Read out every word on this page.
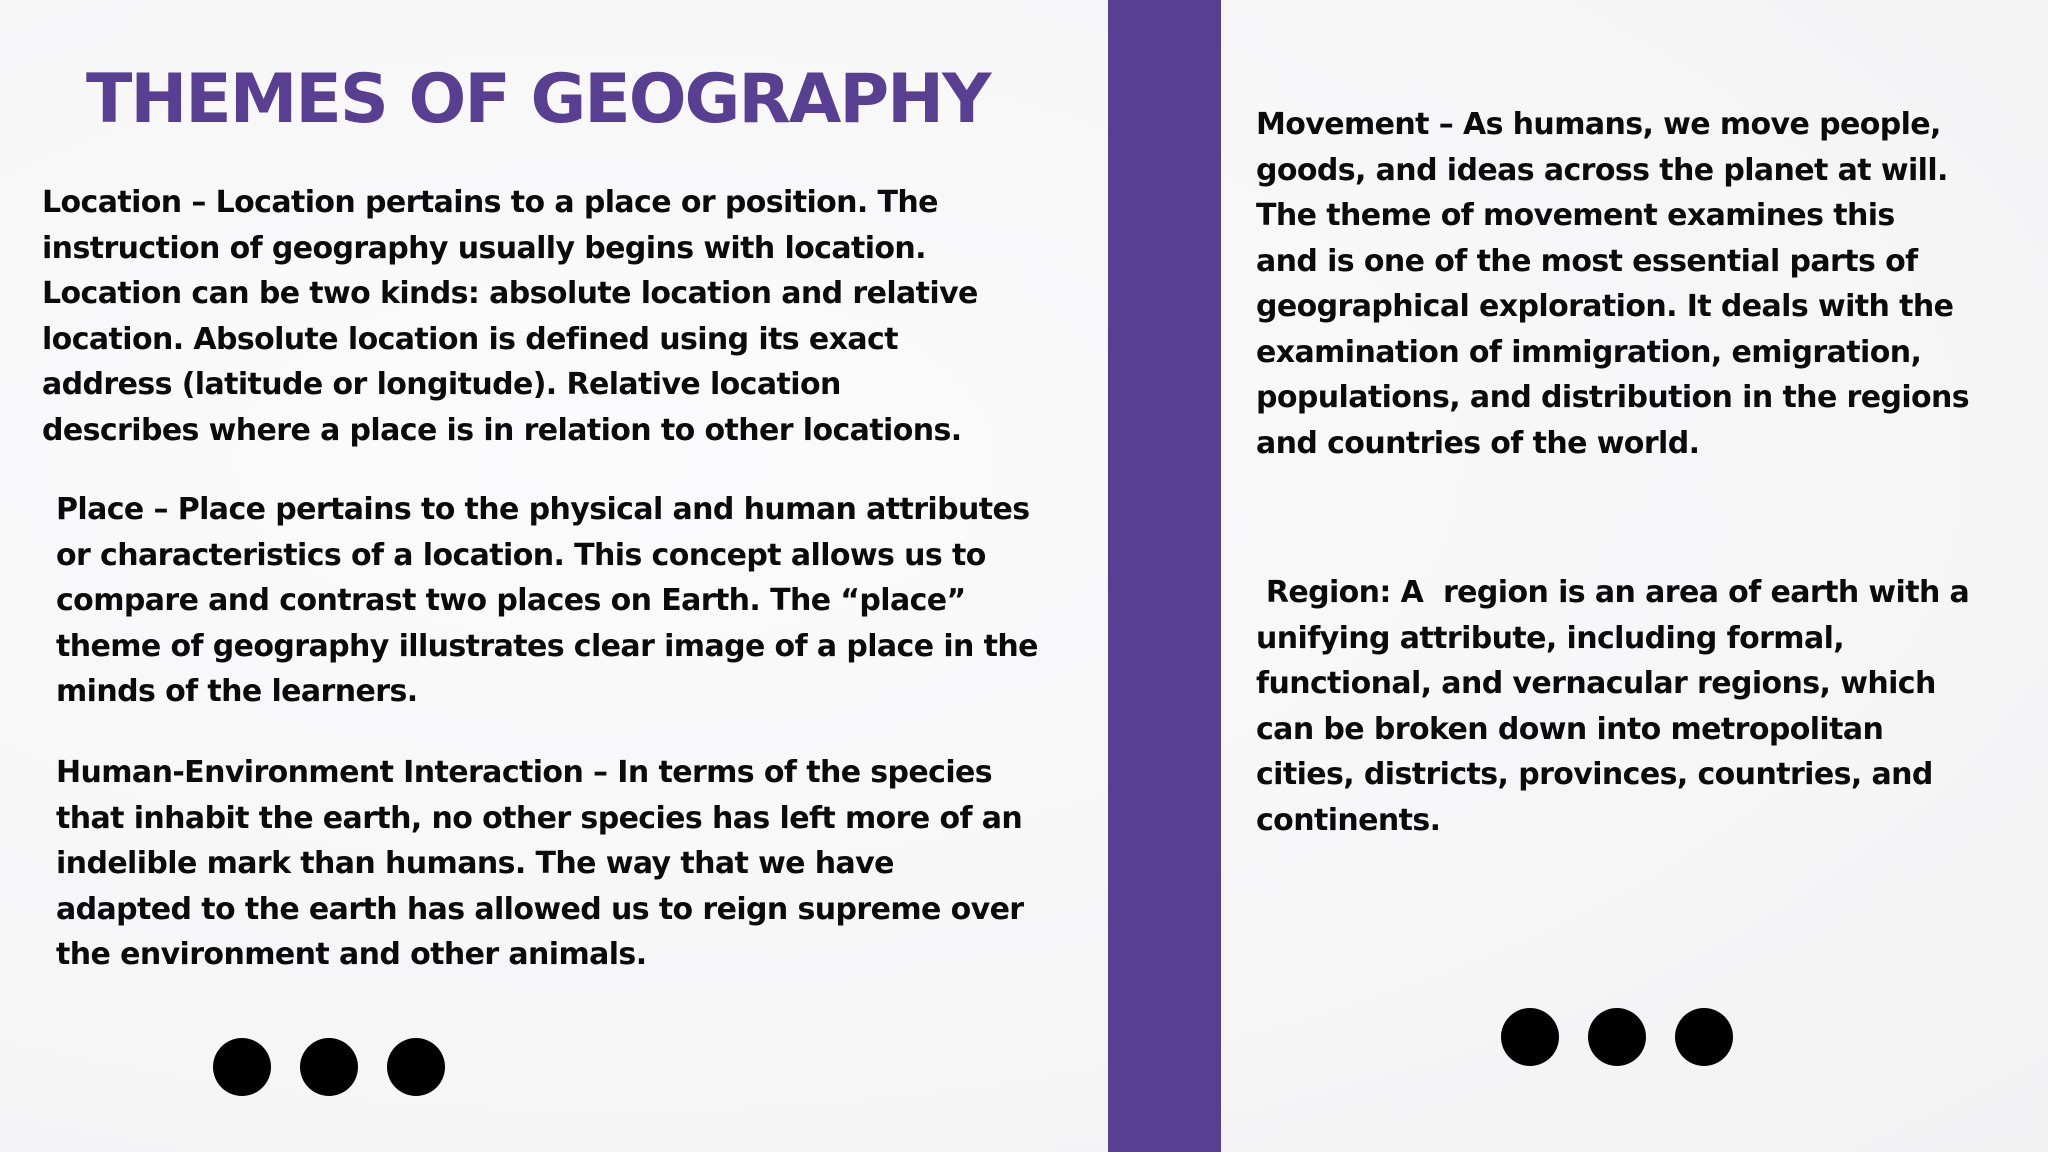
THEMES OF GEOGRAPHY

Location – Location pertains to a place or position. The
instruction of geography usually begins with location.
Location can be two kinds: absolute location and relative
location. Absolute location is defined using its exact
address (latitude or longitude). Relative location
describes where a place is in relation to other locations.

Place – Place pertains to the physical and human attributes
or characteristics of a location. This concept allows us to
compare and contrast two places on Earth. The “place”
theme of geography illustrates clear image of a place in the
minds of the learners.

Human-Environment Interaction – In terms of the species
that inhabit the earth, no other species has left more of an
indelible mark than humans. The way that we have
adapted to the earth has allowed us to reign supreme over
the environment and other animals.

Movement – As humans, we move people,
goods, and ideas across the planet at will.
The theme of movement examines this
and is one of the most essential parts of
geographical exploration. It deals with the
examination of immigration, emigration,
populations, and distribution in the regions
and countries of the world.

Region: A  region is an area of earth with a
unifying attribute, including formal,
functional, and vernacular regions, which
can be broken down into metropolitan
cities, districts, provinces, countries, and
continents.
